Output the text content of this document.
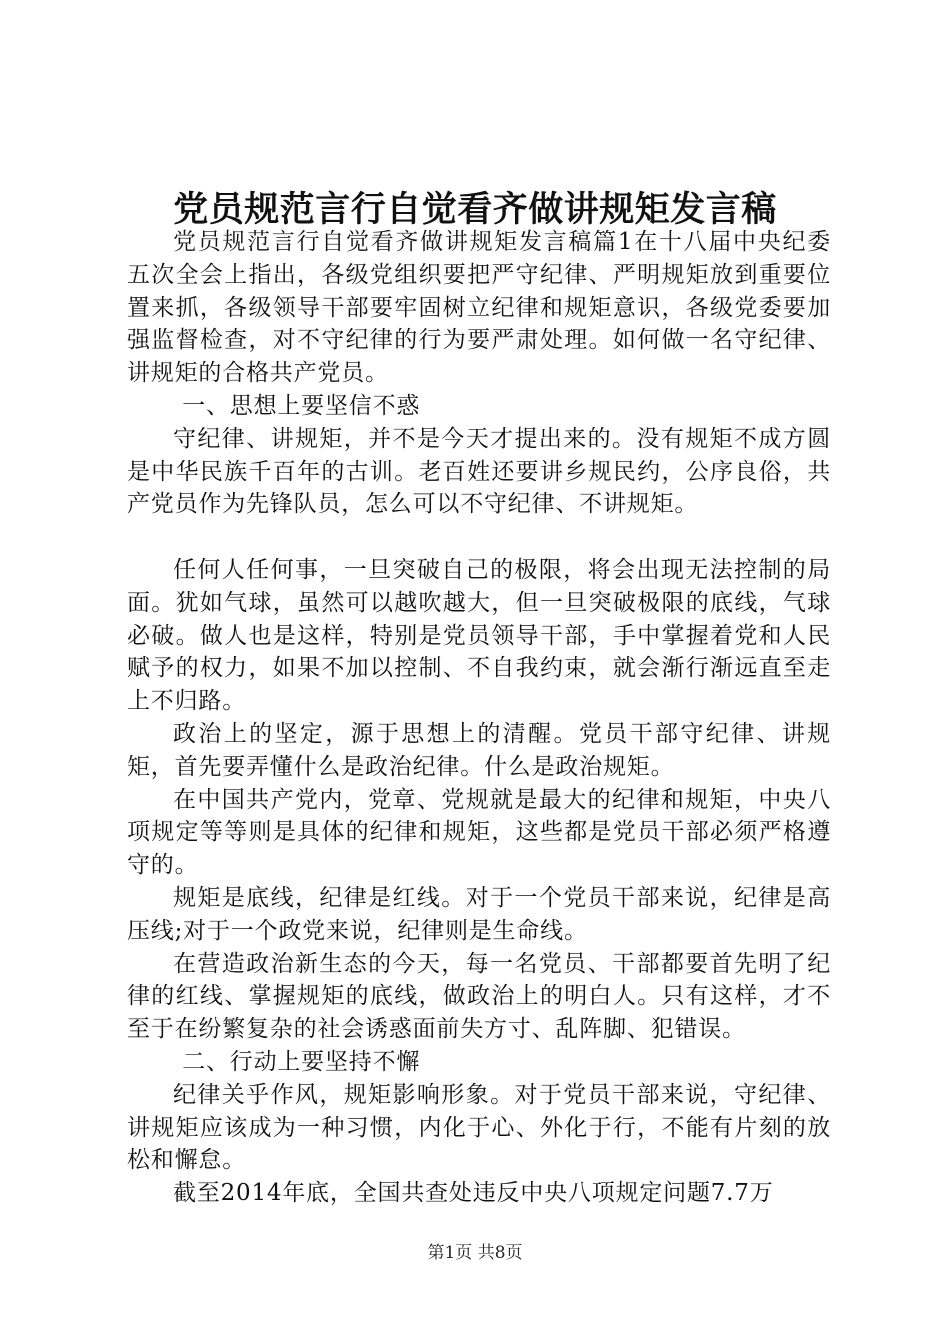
党员规范言行自觉看齐做讲规矩发言稿

党员规范言行自觉看齐做讲规矩发言稿篇1在十八届中央纪委五次全会上指出，各级党组织要把严守纪律、严明规矩放到重要位置来抓，各级领导干部要牢固树立纪律和规矩意识，各级党委要加强监督检查，对不守纪律的行为要严肃处理。如何做一名守纪律、讲规矩的合格共产党员。

一、思想上要坚信不惑

守纪律、讲规矩，并不是今天才提出来的。没有规矩不成方圆是中华民族千百年的古训。老百姓还要讲乡规民约，公序良俗，共产党员作为先锋队员，怎么可以不守纪律、不讲规矩。

任何人任何事，一旦突破自己的极限，将会出现无法控制的局面。犹如气球，虽然可以越吹越大，但一旦突破极限的底线，气球必破。做人也是这样，特别是党员领导干部，手中掌握着党和人民赋予的权力，如果不加以控制、不自我约束，就会渐行渐远直至走上不归路。

政治上的坚定，源于思想上的清醒。党员干部守纪律、讲规矩，首先要弄懂什么是政治纪律。什么是政治规矩。

在中国共产党内，党章、党规就是最大的纪律和规矩，中央八项规定等等则是具体的纪律和规矩，这些都是党员干部必须严格遵守的。

规矩是底线，纪律是红线。对于一个党员干部来说，纪律是高压线;对于一个政党来说，纪律则是生命线。

在营造政治新生态的今天，每一名党员、干部都要首先明了纪律的红线、掌握规矩的底线，做政治上的明白人。只有这样，才不至于在纷繁复杂的社会诱惑面前失方寸、乱阵脚、犯错误。

二、行动上要坚持不懈

纪律关乎作风，规矩影响形象。对于党员干部来说，守纪律、讲规矩应该成为一种习惯，内化于心、外化于行，不能有片刻的放松和懈怠。

截至2014年底，全国共查处违反中央八项规定问题7.7万

第1页 共8页
